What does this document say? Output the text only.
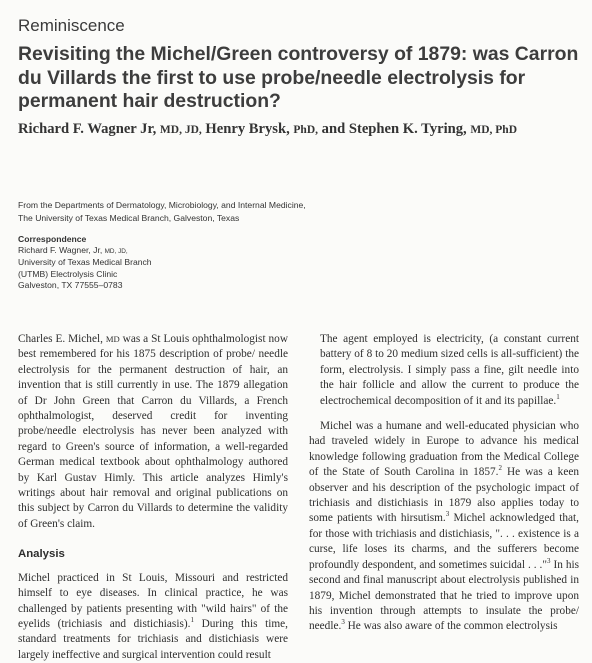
Reminiscence
Revisiting the Michel/Green controversy of 1879: was Carron du Villards the first to use probe/needle electrolysis for permanent hair destruction?
Richard F. Wagner Jr, MD, JD, Henry Brysk, PhD, and Stephen K. Tyring, MD, PhD
From the Departments of Dermatology, Microbiology, and Internal Medicine, The University of Texas Medical Branch, Galveston, Texas
Correspondence
Richard F. Wagner, Jr, MD, JD,
University of Texas Medical Branch
(UTMB) Electrolysis Clinic
Galveston, TX 77555–0783

Charles E. Michel, MD was a St Louis ophthalmologist now best remembered for his 1875 description of probe/ needle electrolysis for the permanent destruction of hair, an invention that is still currently in use. The 1879 allegation of Dr John Green that Carron du Villards, a French ophthalmologist, deserved credit for inventing probe/needle electrolysis has never been analyzed with regard to Green's source of information, a well-regarded German medical textbook about ophthalmology authored by Karl Gustav Himly. This article analyzes Himly's writings about hair removal and original publications on this subject by Carron du Villards to determine the validity of Green's claim.

Analysis

Michel practiced in St Louis, Missouri and restricted himself to eye diseases. In clinical practice, he was challenged by patients presenting with "wild hairs" of the eyelids (trichiasis and distichiasis).$^1$ During this time, standard treatments for trichiasis and distichiasis were largely ineffective and surgical intervention could result

The agent employed is electricity, (a constant current battery of 8 to 20 medium sized cells is all-sufficient) the form, electrolysis. I simply pass a fine, gilt needle into the hair follicle and allow the current to produce the electrochemical decomposition of it and its papillae.$^1$

Michel was a humane and well-educated physician who had traveled widely in Europe to advance his medical knowledge following graduation from the Medical College of the State of South Carolina in 1857.$^2$ He was a keen observer and his description of the psychologic impact of trichiasis and distichiasis in 1879 also applies today to some patients with hirsutism.$^3$ Michel acknowledged that, for those with trichiasis and distichiasis, ". . . existence is a curse, life loses its charms, and the sufferers become profoundly despondent, and sometimes suicidal . . ."$^3$ In his second and final manuscript about electrolysis published in 1879, Michel demonstrated that he tried to improve upon his invention through attempts to insulate the probe/ needle.$^3$ He was also aware of the common electrolysis
